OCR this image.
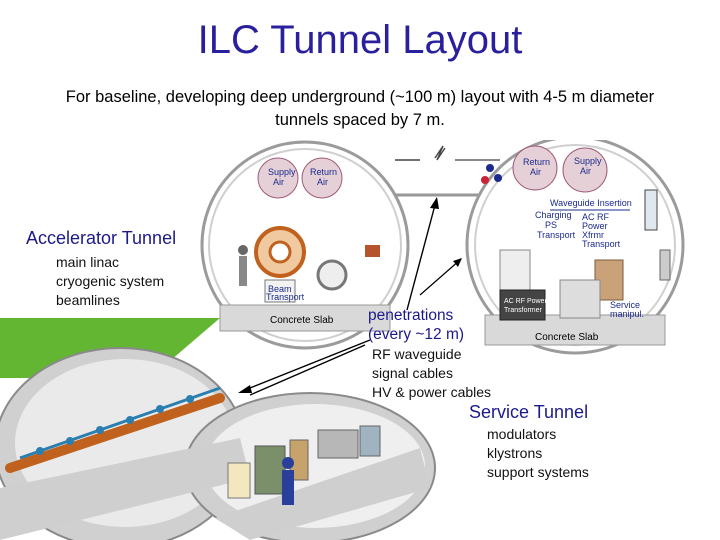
ILC Tunnel Layout
For baseline, developing deep underground (~100 m) layout with 4-5 m diameter tunnels spaced by 7 m.
Concrete Slab
Supply
Air
Return
Air
Beam
Transport
Concrete Slab
Return
Air
Supply
Air
Waveguide Insertion
Charging
PS
Transport
AC RF
Power
Xfrmr
Transport
AC RF Power
Transformer
Service
manipul.
Accelerator Tunnel
main linac
cryogenic system
beamlines
penetrations
(every ~12 m)
RF waveguide
signal cables
HV & power cables
Service Tunnel
modulators
klystrons
support systems
